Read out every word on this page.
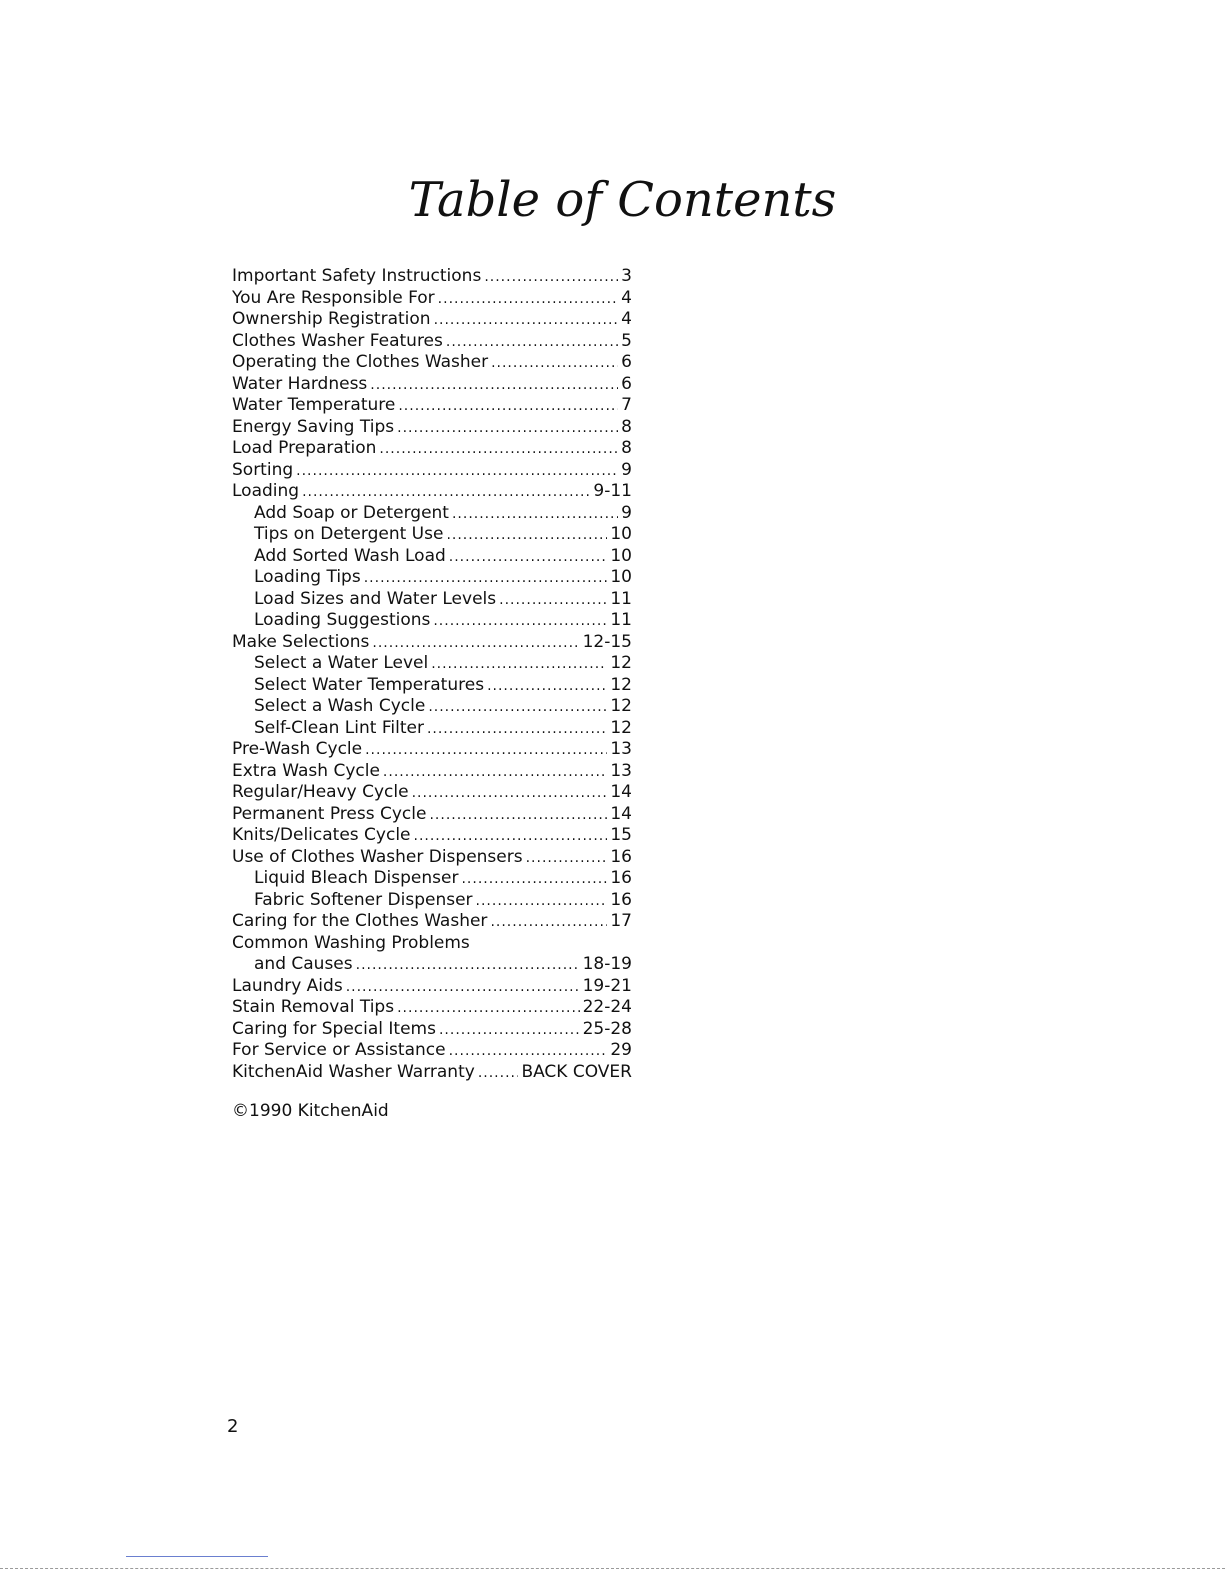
Table of Contents
Important Safety Instructions .....	3
You Are Responsible For .....	4
Ownership Registration .....	4
Clothes Washer Features .....	5
Operating the Clothes Washer .....	6
Water Hardness .....	6
Water Temperature .....	7
Energy Saving Tips .....	8
Load Preparation .....	8
Sorting .....	9
Loading .....	9-11
Add Soap or Detergent .....	9
Tips on Detergent Use .....	10
Add Sorted Wash Load .....	10
Loading Tips .....	10
Load Sizes and Water Levels .....	11
Loading Suggestions .....	11
Make Selections .....	12-15
Select a Water Level .....	12
Select Water Temperatures .....	12
Select a Wash Cycle .....	12
Self-Clean Lint Filter .....	12
Pre-Wash Cycle .....	13
Extra Wash Cycle .....	13
Regular/Heavy Cycle .....	14
Permanent Press Cycle .....	14
Knits/Delicates Cycle .....	15
Use of Clothes Washer Dispensers .....	16
Liquid Bleach Dispenser .....	16
Fabric Softener Dispenser .....	16
Caring for the Clothes Washer .....	17
Common Washing Problems
and Causes .....	18-19
Laundry Aids .....	19-21
Stain Removal Tips .....	22-24
Caring for Special Items .....	25-28
For Service or Assistance .....	29
KitchenAid Washer Warranty .....	BACK COVER
©1990 KitchenAid
2
